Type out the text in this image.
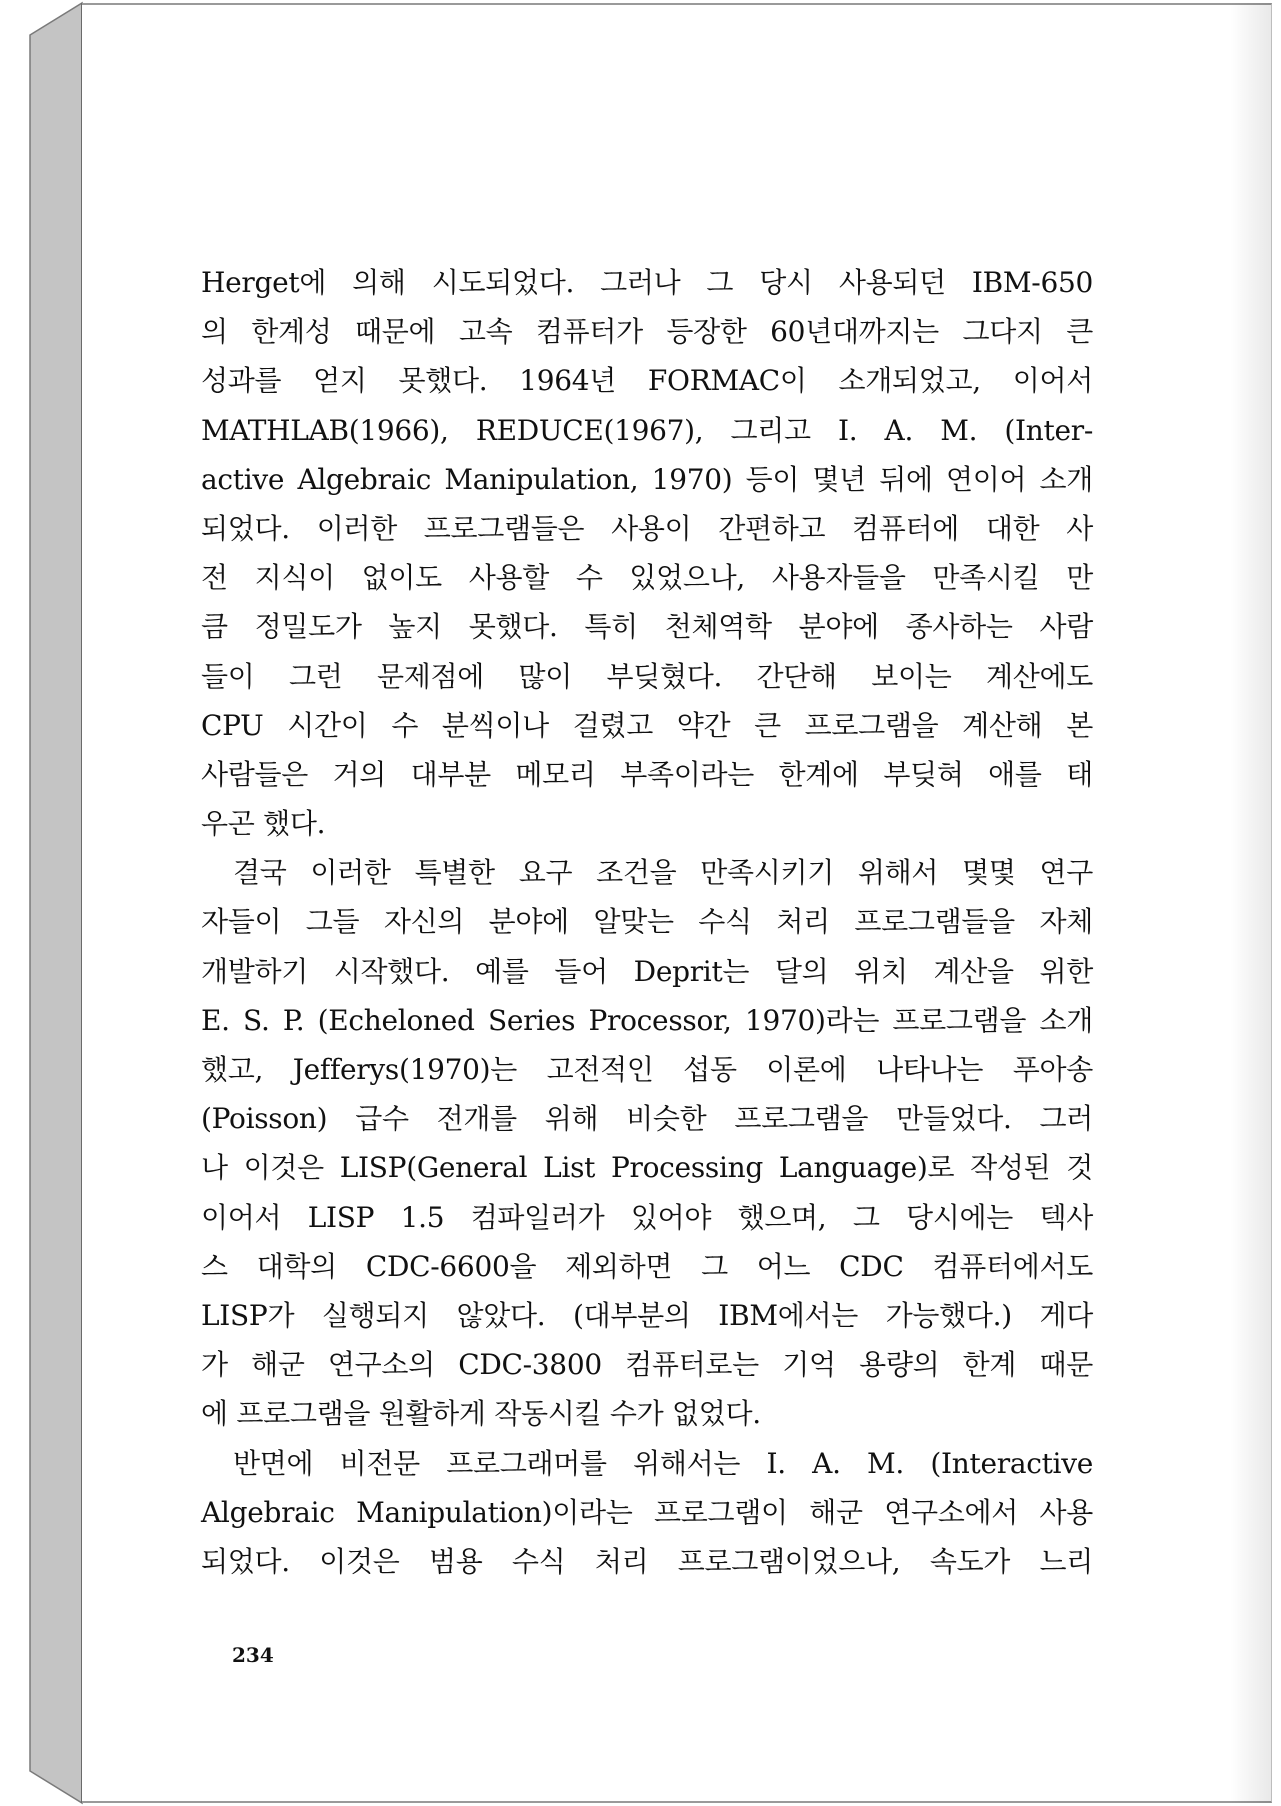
Herget에 의해 시도되었다. 그러나 그 당시 사용되던 IBM-650
의 한계성 때문에 고속 컴퓨터가 등장한 60년대까지는 그다지 큰
성과를 얻지 못했다. 1964년 FORMAC이 소개되었고, 이어서
MATHLAB(1966), REDUCE(1967), 그리고 I. A. M. (Inter-
active Algebraic Manipulation, 1970) 등이 몇년 뒤에 연이어 소개
되었다. 이러한 프로그램들은 사용이 간편하고 컴퓨터에 대한 사
전 지식이 없이도 사용할 수 있었으나, 사용자들을 만족시킬 만
큼 정밀도가 높지 못했다. 특히 천체역학 분야에 종사하는 사람
들이 그런 문제점에 많이 부딪혔다. 간단해 보이는 계산에도
CPU 시간이 수 분씩이나 걸렸고 약간 큰 프로그램을 계산해 본
사람들은 거의 대부분 메모리 부족이라는 한계에 부딪혀 애를 태
우곤 했다.
결국 이러한 특별한 요구 조건을 만족시키기 위해서 몇몇 연구
자들이 그들 자신의 분야에 알맞는 수식 처리 프로그램들을 자체
개발하기 시작했다. 예를 들어 Deprit는 달의 위치 계산을 위한
E. S. P. (Echeloned Series Processor, 1970)라는 프로그램을 소개
했고, Jefferys(1970)는 고전적인 섭동 이론에 나타나는 푸아송
(Poisson) 급수 전개를 위해 비슷한 프로그램을 만들었다. 그러
나 이것은 LISP(General List Processing Language)로 작성된 것
이어서 LISP 1.5 컴파일러가 있어야 했으며, 그 당시에는 텍사
스 대학의 CDC-6600을 제외하면 그 어느 CDC 컴퓨터에서도
LISP가 실행되지 않았다. (대부분의 IBM에서는 가능했다.) 게다
가 해군 연구소의 CDC-3800 컴퓨터로는 기억 용량의 한계 때문
에 프로그램을 원활하게 작동시킬 수가 없었다.
반면에 비전문 프로그래머를 위해서는 I. A. M. (Interactive
Algebraic Manipulation)이라는 프로그램이 해군 연구소에서 사용
되었다. 이것은 범용 수식 처리 프로그램이었으나, 속도가 느리
234
